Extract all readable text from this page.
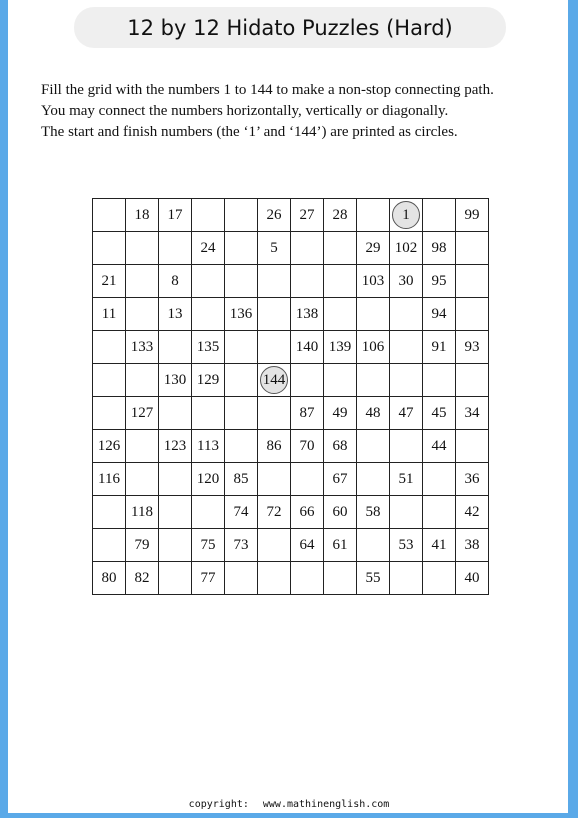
12 by 12 Hidato Puzzles (Hard)
Fill the grid with the numbers 1 to 144 to make a non-stop connecting path.
You may connect the numbers horizontally, vertically or diagonally.
The start and finish numbers (the ‘1’ and ‘144’) are printed as circles.
	18	17			26	27	28		1		99
			24		5			29	102	98	
21		8						103	30	95	
11		13		136		138				94	
	133		135			140	139	106		91	93
		130	129		144						
	127					87	49	48	47	45	34
126		123	113		86	70	68			44	
116			120	85			67		51		36
	118			74	72	66	60	58			42
	79		75	73		64	61		53	41	38
80	82		77					55			40
copyright: www.mathinenglish.com
